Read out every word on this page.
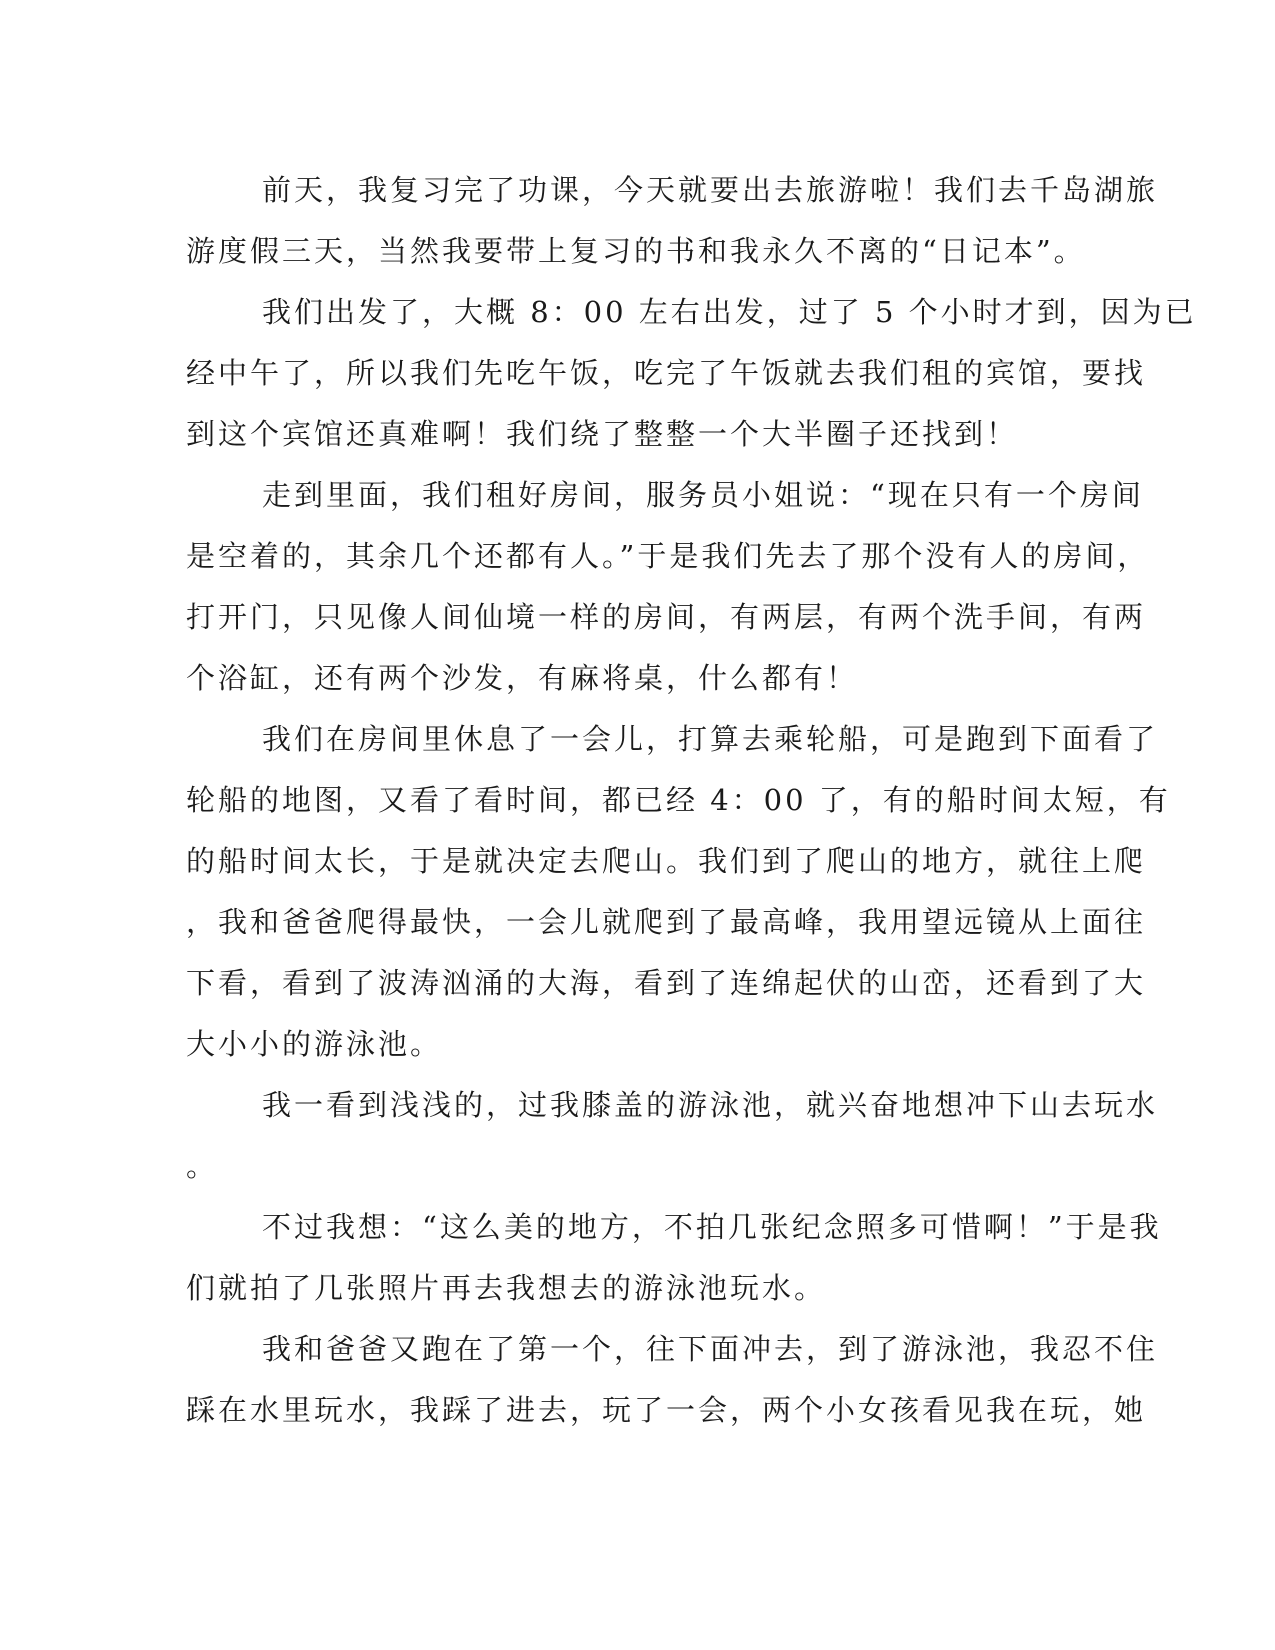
前天，我复习完了功课，今天就要出去旅游啦！我们去千岛湖旅
游度假三天，当然我要带上复习的书和我永久不离的“日记本”。
我们出发了，大概 8：00 左右出发，过了 5 个小时才到，因为已
经中午了，所以我们先吃午饭，吃完了午饭就去我们租的宾馆，要找
到这个宾馆还真难啊！我们绕了整整一个大半圈子还找到！
走到里面，我们租好房间，服务员小姐说：“现在只有一个房间
是空着的，其余几个还都有人。”于是我们先去了那个没有人的房间，
打开门，只见像人间仙境一样的房间，有两层，有两个洗手间，有两
个浴缸，还有两个沙发，有麻将桌，什么都有！
我们在房间里休息了一会儿，打算去乘轮船，可是跑到下面看了
轮船的地图，又看了看时间，都已经 4：00 了，有的船时间太短，有
的船时间太长，于是就决定去爬山。我们到了爬山的地方，就往上爬
，我和爸爸爬得最快，一会儿就爬到了最高峰，我用望远镜从上面往
下看，看到了波涛汹涌的大海，看到了连绵起伏的山峦，还看到了大
大小小的游泳池。
我一看到浅浅的，过我膝盖的游泳池，就兴奋地想冲下山去玩水
。
不过我想：“这么美的地方，不拍几张纪念照多可惜啊！”于是我
们就拍了几张照片再去我想去的游泳池玩水。
我和爸爸又跑在了第一个，往下面冲去，到了游泳池，我忍不住
踩在水里玩水，我踩了进去，玩了一会，两个小女孩看见我在玩，她
